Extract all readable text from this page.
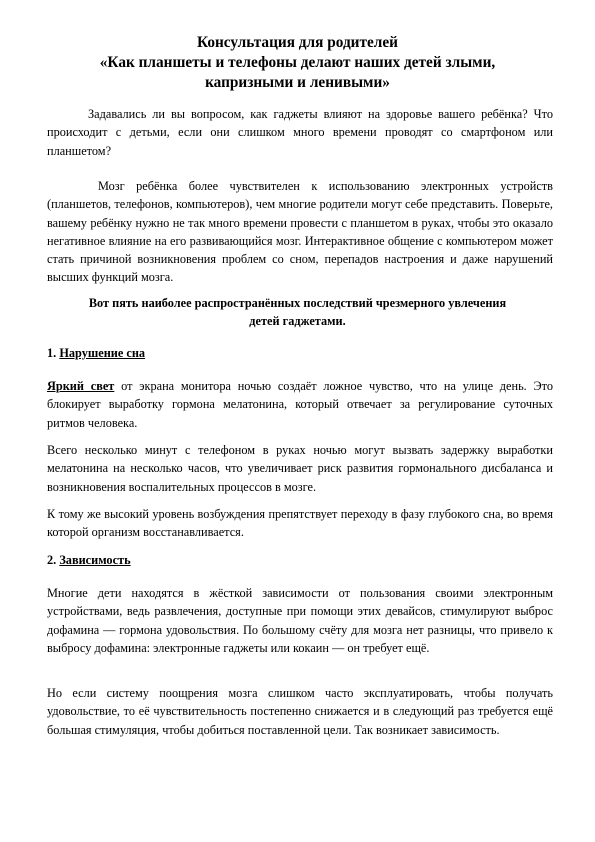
Консультация для родителей
«Как планшеты и телефоны делают наших детей злыми,
капризными и ленивыми»
Задавались ли вы вопросом, как гаджеты влияют на здоровье вашего ребёнка? Что происходит с детьми, если они слишком много времени проводят со смартфоном или планшетом?
Мозг ребёнка более чувствителен к использованию электронных устройств (планшетов, телефонов, компьютеров), чем многие родители могут себе представить. Поверьте, вашему ребёнку нужно не так много времени провести с планшетом в руках, чтобы это оказало негативное влияние на его развивающийся мозг. Интерактивное общение с компьютером может стать причиной возникновения проблем со сном, перепадов настроения и даже нарушений высших функций мозга.
Вот пять наиболее распространённых последствий чрезмерного увлечения
детей гаджетами.
1. Нарушение сна
Яркий свет от экрана монитора ночью создаёт ложное чувство, что на улице день. Это блокирует выработку гормона мелатонина, который отвечает за регулирование суточных ритмов человека.
Всего несколько минут с телефоном в руках ночью могут вызвать задержку выработки мелатонина на несколько часов, что увеличивает риск развития гормонального дисбаланса и возникновения воспалительных процессов в мозге.
К тому же высокий уровень возбуждения препятствует переходу в фазу глубокого сна, во время которой организм восстанавливается.
2. Зависимость
Многие дети находятся в жёсткой зависимости от пользования своими электронным устройствами, ведь развлечения, доступные при помощи этих девайсов, стимулируют выброс дофамина — гормона удовольствия. По большому счёту для мозга нет разницы, что привело к выбросу дофамина: электронные гаджеты или кокаин — он требует ещё.
Но если систему поощрения мозга слишком часто эксплуатировать, чтобы получать удовольствие, то её чувствительность постепенно снижается и в следующий раз требуется ещё большая стимуляция, чтобы добиться поставленной цели. Так возникает зависимость.
